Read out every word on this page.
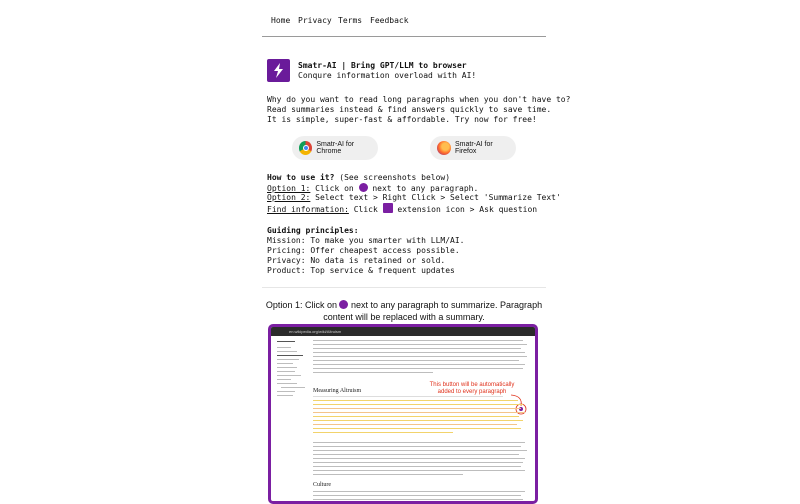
Home Privacy Terms Feedback
Smatr-AI | Bring GPT/LLM to browser
Conqure information overload with AI!
Why do you want to read long paragraphs when you don't have to?
Read summaries instead & find answers quickly to save time.
It is simple, super-fast & affordable. Try now for free!
Smatr-AI for Chrome
Smatr-AI for Firefox
How to use it? (See screenshots below)
Option 1: Click on  next to any paragraph.
Option 2: Select text > Right Click > Select 'Summarize Text'
Find information: Click  extension icon > Ask question
Guiding principles:
Mission: To make you smarter with LLM/AI.
Pricing: Offer cheapest access possible.
Privacy: No data is retained or sold.
Product: Top service & frequent updates
Option 1: Click on  next to any paragraph to summarize. Paragraph
content will be replaced with a summary.
en.wikipedia.org/wiki/Altruism
Measuring Altruism
This button will be automatically added to every paragraph
Culture
